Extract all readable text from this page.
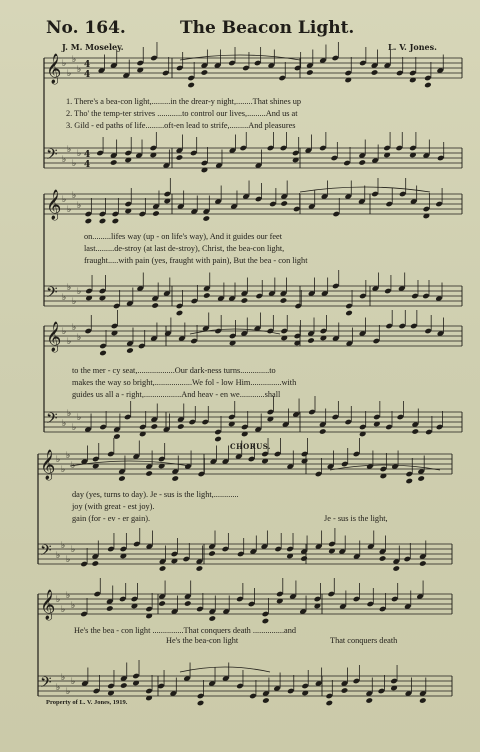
No. 164.	The Beacon Light.
J. M. Moseley.	L. V. Jones.
𝄞 ♭
♭
♭
♭ 4
4
𝄢 ♭
♭
♭
♭ 4
4
𝄞 ♭
♭
♭
♭
𝄢 ♭
♭
♭
♭
𝄞 ♭
♭
♭
♭
𝄢 ♭
♭
♭
♭
𝄞 ♭
♭
♭
♭
𝄢 ♭
♭
♭
♭
𝄞 ♭
♭
♭
♭
𝄢 ♭
♭
♭
♭
1. There's a bea-con light,.........in the drear-y night,........That shines up
2. Tho' the temp-ter strives ............to control our lives,.........And us at
3. Gild - ed paths of life.........oft-en lead to strife,.........And pleasures
on.........lifes way (up - on life's way), And it guides our feet
last.........de-stroy (at last de-stroy), Christ, the bea-con light,
fraught.....with pain (yes, fraught with pain), But the bea - con light
to the mer - cy seat,..................Our dark-ness turns..............to
makes the way so bright,..................We fol - low Him...............with
guides us all a - right,..................And heav - en we............shall
CHORUS.
day (yes, turns to day). Je - sus is the light,............
joy (with great - est joy).
gain (for - ev - er gain).	Je - sus is the light,
He's the bea - con light ...............That conquers death ...............and
He's the bea-con light	That conquers death
Property of L. V. Jones, 1919.
